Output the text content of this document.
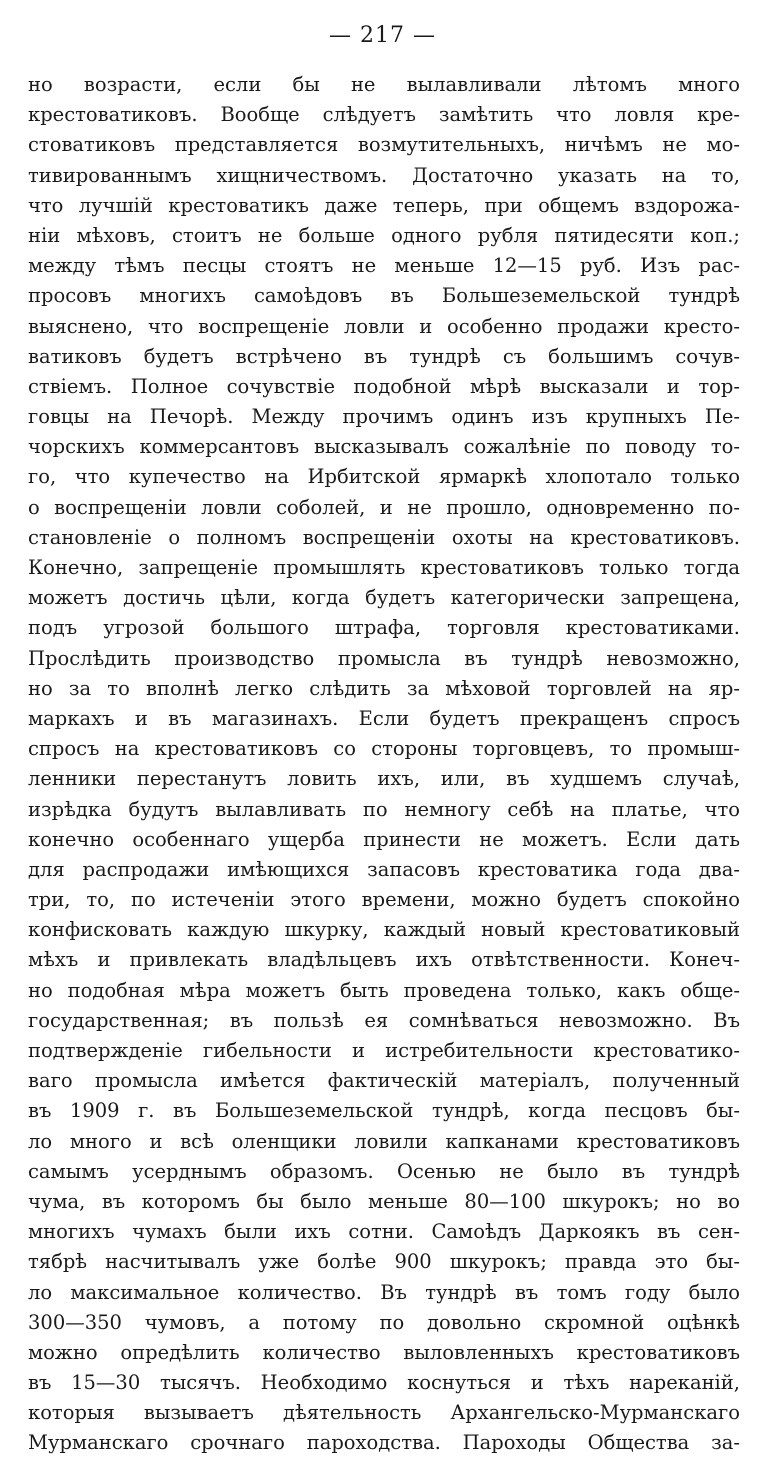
— 217 —
но возрасти, если бы не вылавливали лѣтомъ много
крестоватиковъ. Вообще слѣдуетъ замѣтить что ловля кре-
стоватиковъ представляется возмутительныхъ, ничѣмъ не мо-
тивированнымъ хищничествомъ. Достаточно указать на то,
что лучшій крестоватикъ даже теперь, при общемъ вздорожа-
ніи мѣховъ, стоитъ не больше одного рубля пятидесяти коп.;
между тѣмъ песцы стоятъ не меньше 12—15 руб. Изъ рас-
просовъ многихъ самоѣдовъ въ Большеземельской тундрѣ
выяснено, что воспрещеніе ловли и особенно продажи кресто-
ватиковъ будетъ встрѣчено въ тундрѣ съ большимъ сочув-
ствіемъ. Полное сочувствіе подобной мѣрѣ высказали и тор-
говцы на Печорѣ. Между прочимъ одинъ изъ крупныхъ Пе-
чорскихъ коммерсантовъ высказывалъ сожалѣніе по поводу то-
го, что купечество на Ирбитской ярмаркѣ хлопотало только
о воспрещеніи ловли соболей, и не прошло, одновременно по-
становленіе о полномъ воспрещеніи охоты на крестоватиковъ.
Конечно, запрещеніе промышлять крестоватиковъ только тогда
можетъ достичь цѣли, когда будетъ категорически запрещена,
подъ угрозой большого штрафа, торговля крестоватиками.
Прослѣдить производство промысла въ тундрѣ невозможно,
но за то вполнѣ легко слѣдить за мѣховой торговлей на яр-
маркахъ и въ магазинахъ. Если будетъ прекращенъ спросъ
спросъ на крестоватиковъ со стороны торговцевъ, то промыш-
ленники перестанутъ ловить ихъ, или, въ худшемъ случаѣ,
изрѣдка будутъ вылавливать по немногу себѣ на платье, что
конечно особеннаго ущерба принести не можетъ. Если дать
для распродажи имѣющихся запасовъ крестоватика года два-
три, то, по истеченіи этого времени, можно будетъ спокойно
конфисковать каждую шкурку, каждый новый крестоватиковый
мѣхъ и привлекать владѣльцевъ ихъ отвѣтственности. Конеч-
но подобная мѣра можетъ быть проведена только, какъ обще-
государственная; въ пользѣ ея сомнѣваться невозможно. Въ
подтвержденіе гибельности и истребительности крестоватико-
ваго промысла имѣется фактическій матеріалъ, полученный
въ 1909 г. въ Большеземельской тундрѣ, когда песцовъ бы-
ло много и всѣ оленщики ловили капканами крестоватиковъ
самымъ усерднымъ образомъ. Осенью не было въ тундрѣ
чума, въ которомъ бы было меньше 80—100 шкурокъ; но во
многихъ чумахъ были ихъ сотни. Самоѣдъ Даркоякъ въ сен-
тябрѣ насчитывалъ уже болѣе 900 шкурокъ; правда это бы-
ло максимальное количество. Въ тундрѣ въ томъ году было
300—350 чумовъ, а потому по довольно скромной оцѣнкѣ
можно опредѣлить количество выловленныхъ крестоватиковъ
въ 15—30 тысячъ. Необходимо коснуться и тѣхъ нареканій,
которыя вызываетъ дѣятельность Архангельско-Мурманскаго
Мурманскаго срочнаго пароходства. Пароходы Общества за-
